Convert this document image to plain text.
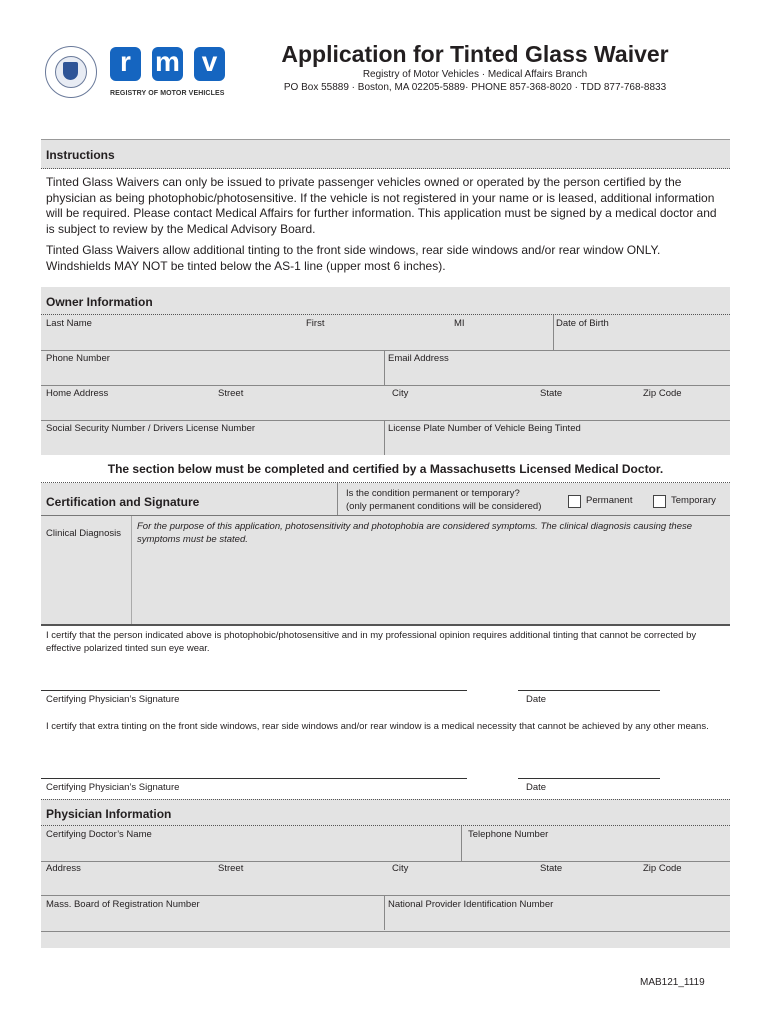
r m v
REGISTRY OF MOTOR VEHICLES
Application for Tinted Glass Waiver
Registry of Motor Vehicles · Medical Affairs Branch
PO Box 55889 · Boston, MA 02205-5889· PHONE 857-368-8020 · TDD 877-768-8833
Instructions
Tinted Glass Waivers can only be issued to private passenger vehicles owned or operated by the person certified by the physician as being photophobic/photosensitive. If the vehicle is not registered in your name or is leased, additional information will be required. Please contact Medical Affairs for further information. This application must be signed by a medical doctor and is subject to review by the Medical Advisory Board.
Tinted Glass Waivers allow additional tinting to the front side windows, rear side windows and/or rear window ONLY. Windshields MAY NOT be tinted below the AS-1 line (upper most 6 inches).
Owner Information
Last Name	First	MI	Date of Birth
Phone Number	Email Address
Home Address	Street	City	State	Zip Code
Social Security Number / Drivers License Number	License Plate Number of Vehicle Being Tinted
The section below must be completed and certified by a Massachusetts Licensed Medical Doctor.
Certification and Signature
Is the condition permanent or temporary?
(only permanent conditions will be considered)
Permanent	Temporary
Clinical Diagnosis
For the purpose of this application, photosensitivity and photophobia are considered symptoms. The clinical diagnosis causing these symptoms must be stated.
I certify that the person indicated above is photophobic/photosensitive and in my professional opinion requires additional tinting that cannot be corrected by effective polarized tinted sun eye wear.
Certifying Physician’s Signature	Date
I certify that extra tinting on the front side windows, rear side windows and/or rear window is a medical necessity that cannot be achieved by any other means.
Certifying Physician’s Signature	Date
Physician Information
Certifying Doctor’s Name	Telephone Number
Address	Street	City	State	Zip Code
Mass. Board of Registration Number	National Provider Identification Number
MAB121_1119
